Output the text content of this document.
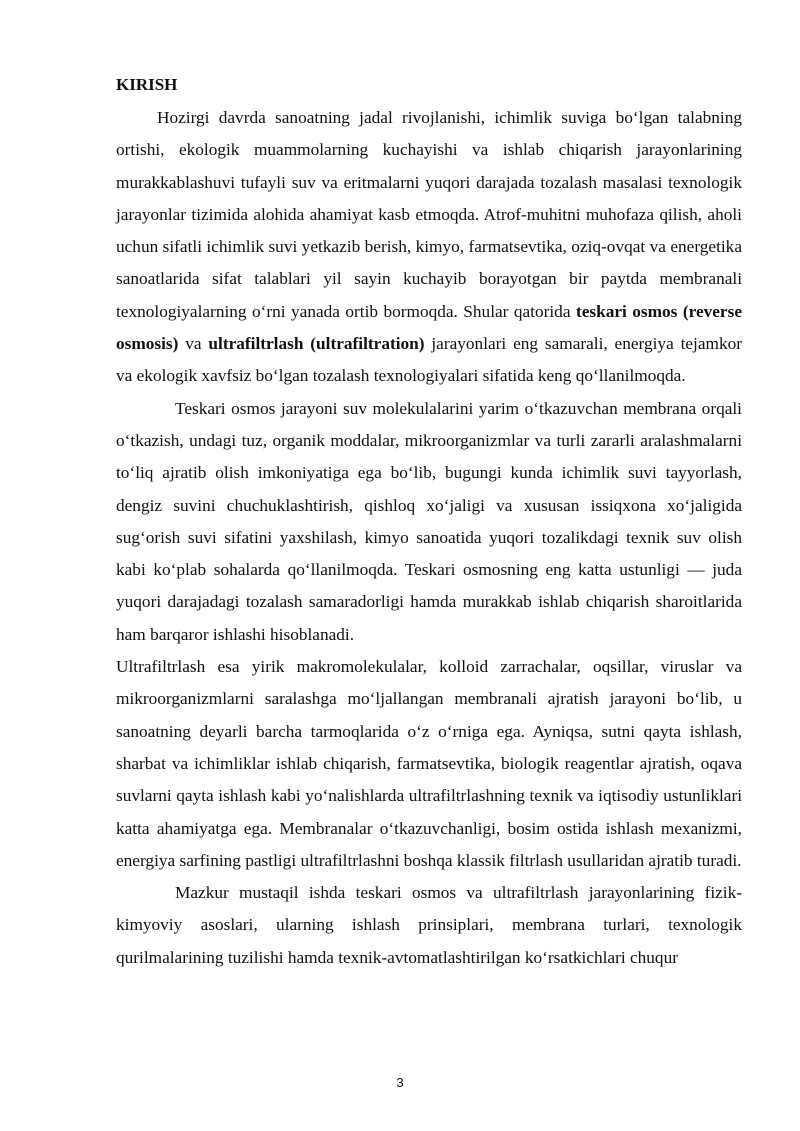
KIRISH

Hozirgi davrda sanoatning jadal rivojlanishi, ichimlik suviga boʻlgan talabning ortishi, ekologik muammolarning kuchayishi va ishlab chiqarish jarayonlarining murakkablashuvi tufayli suv va eritmalarni yuqori darajada tozalash masalasi texnologik jarayonlar tizimida alohida ahamiyat kasb etmoqda. Atrof-muhitni muhofaza qilish, aholi uchun sifatli ichimlik suvi yetkazib berish, kimyo, farmatsevtika, oziq-ovqat va energetika sanoatlarida sifat talablari yil sayin kuchayib borayotgan bir paytda membranali texnologiyalarning oʻrni yanada ortib bormoqda. Shular qatorida teskari osmos (reverse osmosis) va ultrafiltrlash (ultrafiltration) jarayonlari eng samarali, energiya tejamkor va ekologik xavfsiz boʻlgan tozalash texnologiyalari sifatida keng qoʻllanilmoqda.

Teskari osmos jarayoni suv molekulalarini yarim oʻtkazuvchan membrana orqali oʻtkazish, undagi tuz, organik moddalar, mikroorganizmlar va turli zararli aralashmalarni toʻliq ajratib olish imkoniyatiga ega boʻlib, bugungi kunda ichimlik suvi tayyorlash, dengiz suvini chuchuklashtirish, qishloq xoʻjaligi va xususan issiqxona xoʻjaligida sugʻorish suvi sifatini yaxshilash, kimyo sanoatida yuqori tozalikdagi texnik suv olish kabi koʻplab sohalarda qoʻllanilmoqda. Teskari osmosning eng katta ustunligi — juda yuqori darajadagi tozalash samaradorligi hamda murakkab ishlab chiqarish sharoitlarida ham barqaror ishlashi hisoblanadi.

Ultrafiltrlash esa yirik makromolekulalar, kolloid zarrachalar, oqsillar, viruslar va mikroorganizmlarni saralashga moʻljallangan membranali ajratish jarayoni boʻlib, u sanoatning deyarli barcha tarmoqlarida oʻz oʻrniga ega. Ayniqsa, sutni qayta ishlash, sharbat va ichimliklar ishlab chiqarish, farmatsevtika, biologik reagentlar ajratish, oqava suvlarni qayta ishlash kabi yoʻnalishlarda ultrafiltrlashning texnik va iqtisodiy ustunliklari katta ahamiyatga ega. Membranalar oʻtkazuvchanligi, bosim ostida ishlash mexanizmi, energiya sarfining pastligi ultrafiltrlashni boshqa klassik filtrlash usullaridan ajratib turadi.

Mazkur mustaqil ishda teskari osmos va ultrafiltrlash jarayonlarining fizik-kimyoviy asoslari, ularning ishlash prinsiplari, membrana turlari, texnologik qurilmalarining tuzilishi hamda texnik-avtomatlashtirilgan koʻrsatkichlari chuqur

3
